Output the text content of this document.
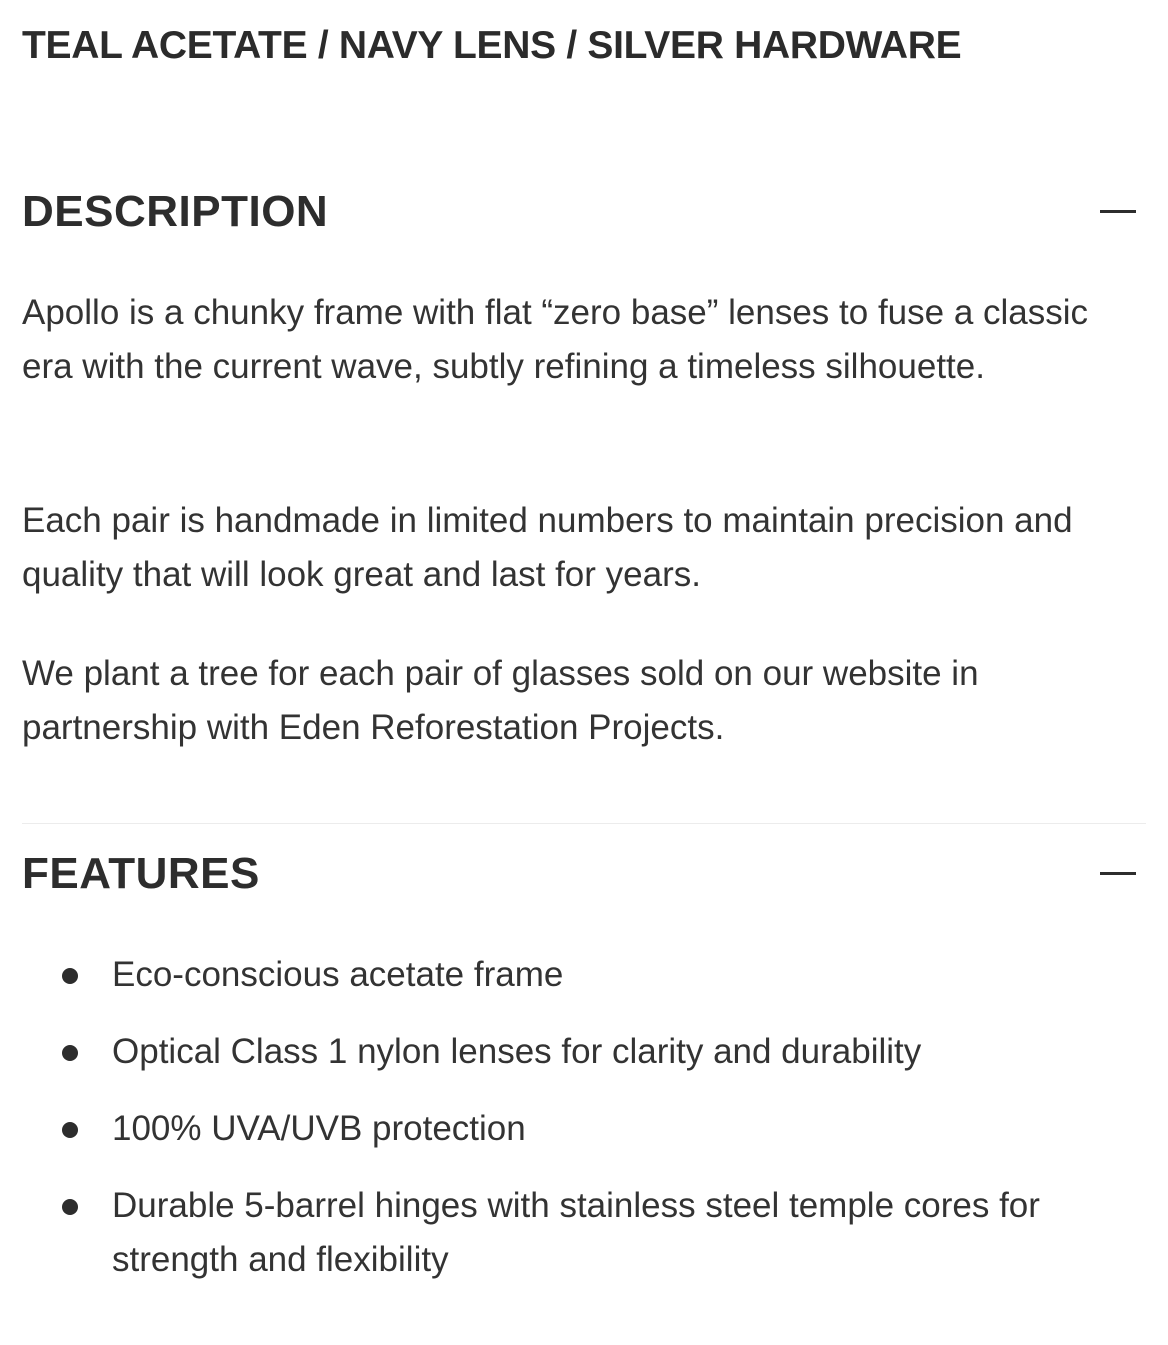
TEAL ACETATE / NAVY LENS / SILVER HARDWARE
DESCRIPTION

Apollo is a chunky frame with flat “zero base” lenses to fuse a classic era with the current wave, subtly refining a timeless silhouette.

Each pair is handmade in limited numbers to maintain precision and quality that will look great and last for years.

We plant a tree for each pair of glasses sold on our website in partnership with Eden Reforestation Projects.

FEATURES
Eco-conscious acetate frame
Optical Class 1 nylon lenses for clarity and durability
100% UVA/UVB protection
Durable 5-barrel hinges with stainless steel temple cores for strength and flexibility
